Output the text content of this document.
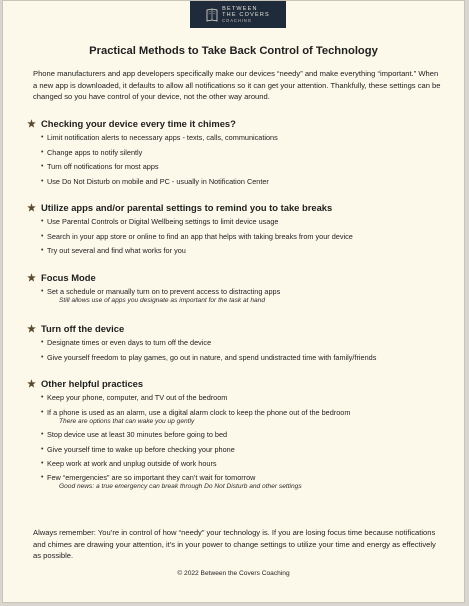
BETWEEN
THE COVERS
COACHING
Practical Methods to Take Back Control of Technology
Phone manufacturers and app developers specifically make our devices “needy” and make everything “important.” When a new app is downloaded, it defaults to allow all notifications so it can get your attention. Thankfully, these settings can be changed so you have control of your device, not the other way around.
Checking your device every time it chimes?
• Limit notification alerts to necessary apps - texts, calls, communications
• Change apps to notify silently
• Turn off notifications for most apps
• Use Do Not Disturb on mobile and PC - usually in Notification Center
Utilize apps and/or parental settings to remind you to take breaks
• Use Parental Controls or Digital Wellbeing settings to limit device usage
• Search in your app store or online to find an app that helps with taking breaks from your device
• Try out several and find what works for you
Focus Mode
• Set a schedule or manually turn on to prevent access to distracting apps
Still allows use of apps you designate as important for the task at hand
Turn off the device
• Designate times or even days to turn off the device
• Give yourself freedom to play games, go out in nature, and spend undistracted time with family/friends
Other helpful practices
• Keep your phone, computer, and TV out of the bedroom
• If a phone is used as an alarm, use a digital alarm clock to keep the phone out of the bedroom
There are options that can wake you up gently
• Stop device use at least 30 minutes before going to bed
• Give yourself time to wake up before checking your phone
• Keep work at work and unplug outside of work hours
• Few “emergencies” are so important they can’t wait for tomorrow
Good news: a true emergency can break through Do Not Disturb and other settings
Always remember: You’re in control of how “needy” your technology is. If you are losing focus time because notifications and chimes are drawing your attention, it’s in your power to change settings to utilize your time and energy as effectively as possible.
© 2022 Between the Covers Coaching
